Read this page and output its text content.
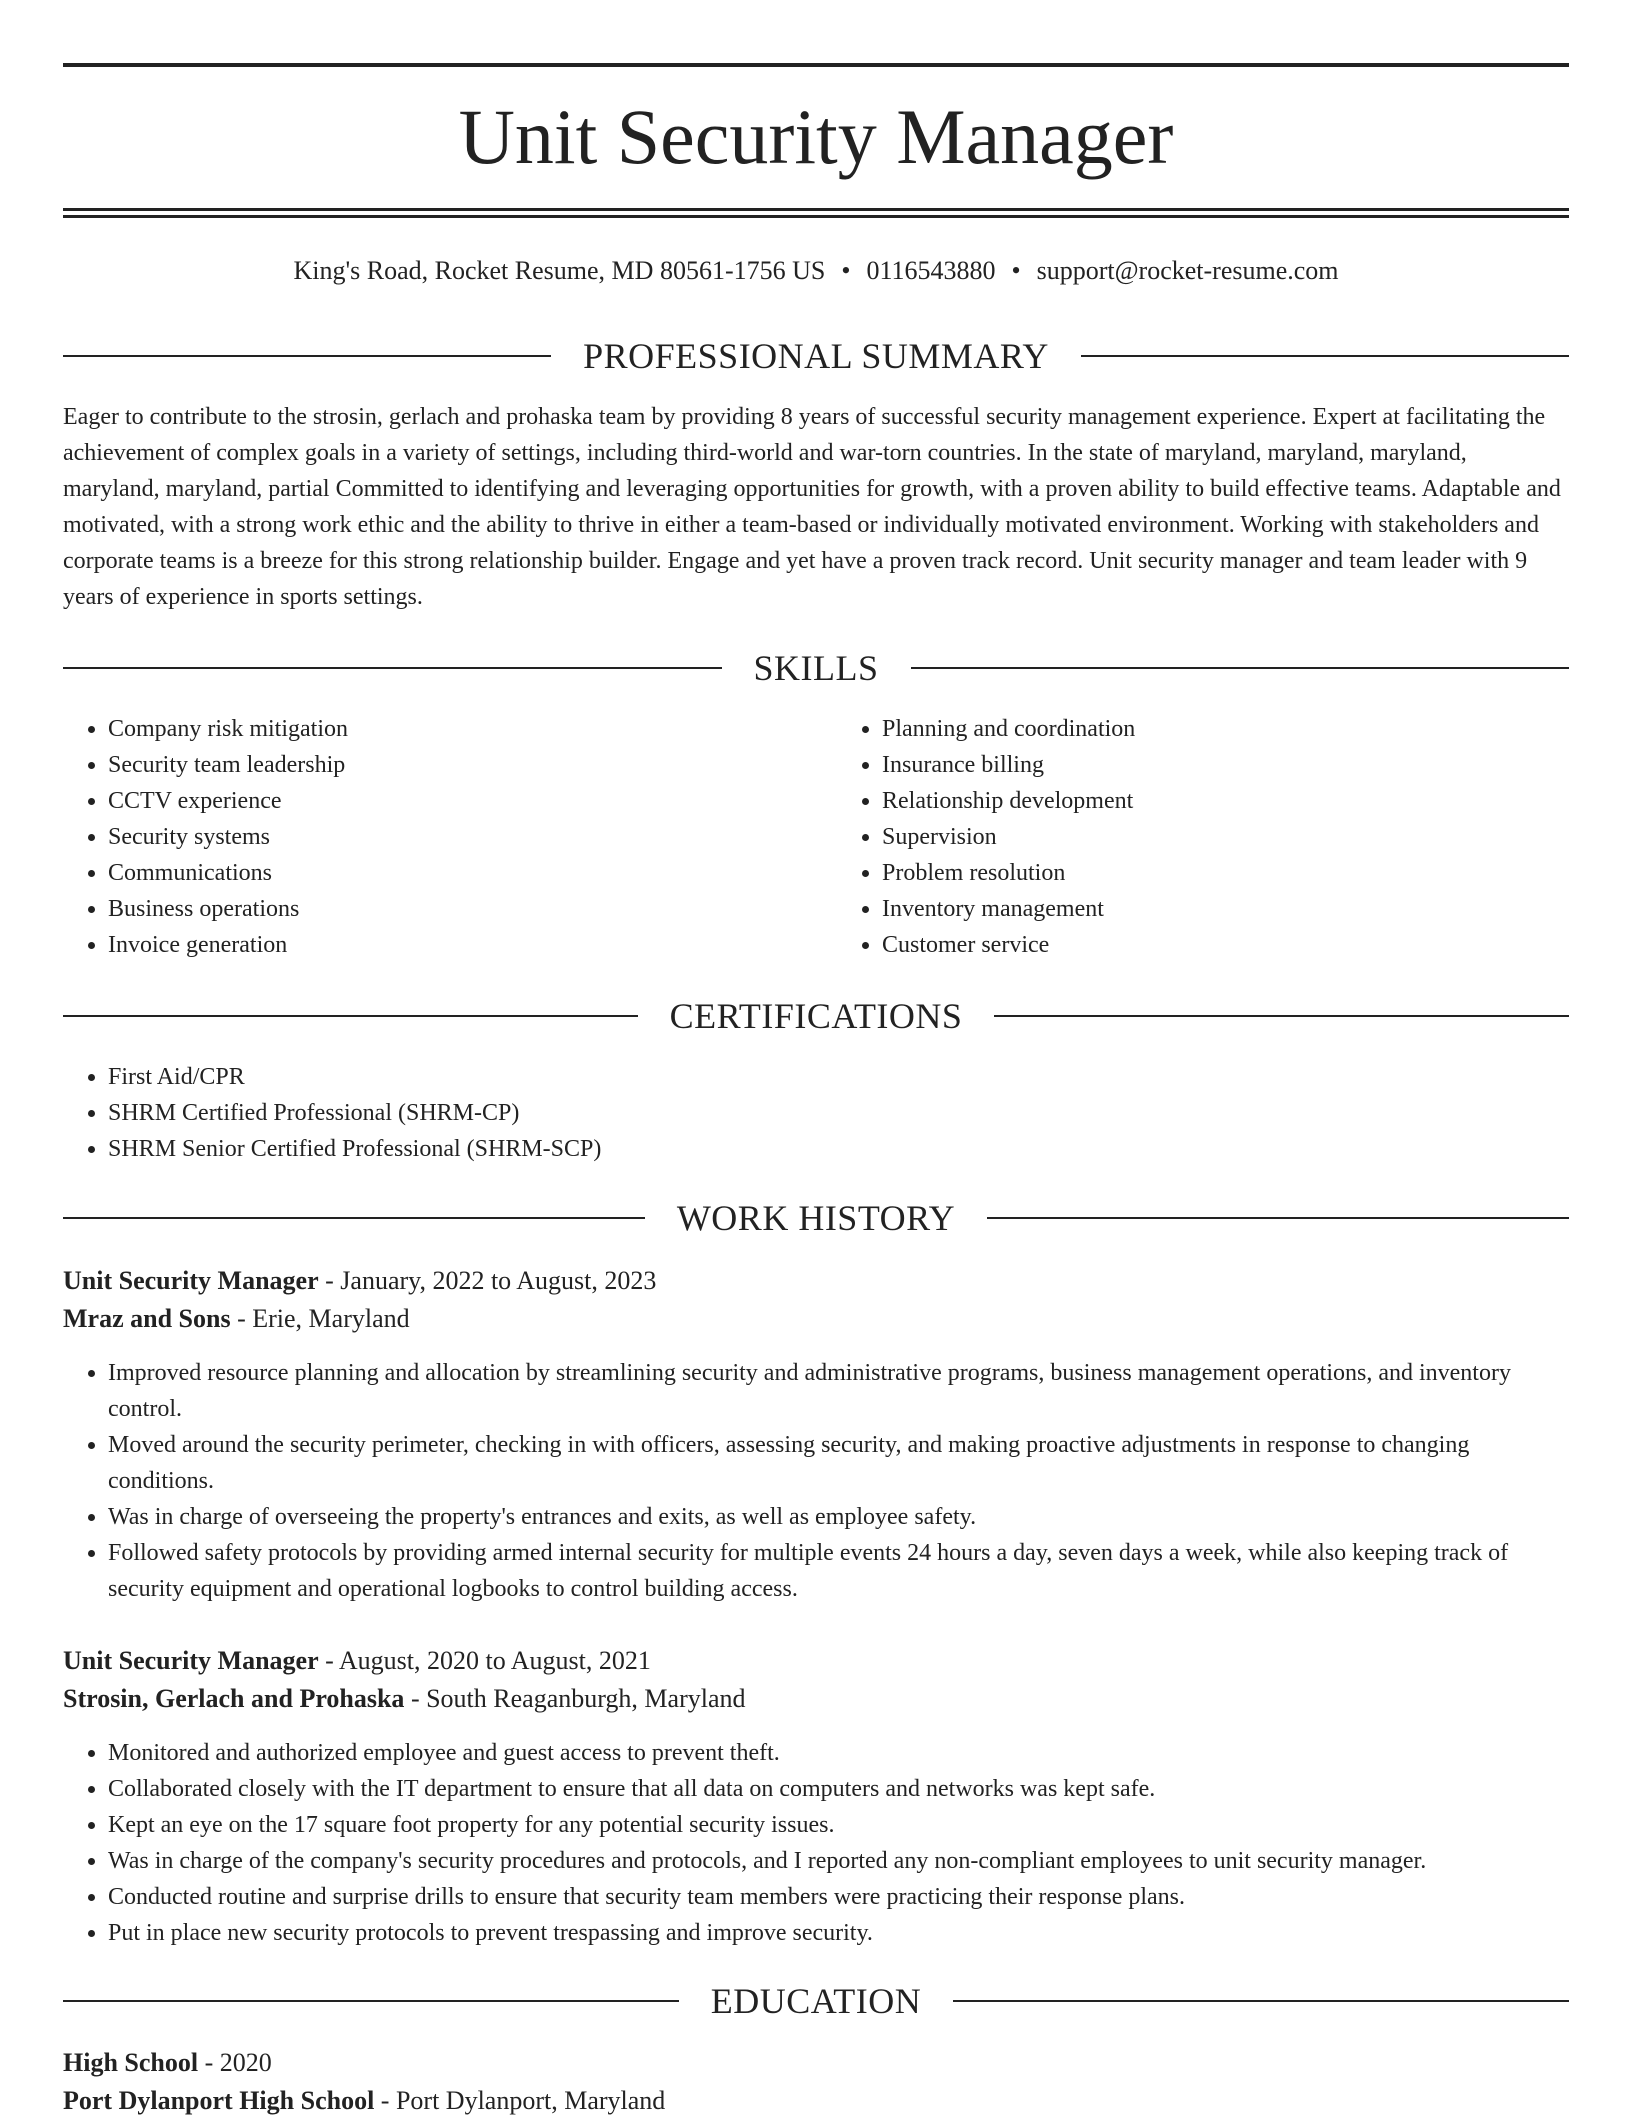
Unit Security Manager
King's Road, Rocket Resume, MD 80561-1756 US • 0116543880 • support@rocket-resume.com
PROFESSIONAL SUMMARY

Eager to contribute to the strosin, gerlach and prohaska team by providing 8 years of successful security management experience. Expert at facilitating the achievement of complex goals in a variety of settings, including third-world and war-torn countries. In the state of maryland, maryland, maryland, maryland, maryland, partial Committed to identifying and leveraging opportunities for growth, with a proven ability to build effective teams. Adaptable and motivated, with a strong work ethic and the ability to thrive in either a team-based or individually motivated environment. Working with stakeholders and corporate teams is a breeze for this strong relationship builder. Engage and yet have a proven track record. Unit security manager and team leader with 9 years of experience in sports settings.

SKILLS
• Company risk mitigation
• Security team leadership
• CCTV experience
• Security systems
• Communications
• Business operations
• Invoice generation
• Planning and coordination
• Insurance billing
• Relationship development
• Supervision
• Problem resolution
• Inventory management
• Customer service
CERTIFICATIONS
• First Aid/CPR
• SHRM Certified Professional (SHRM-CP)
• SHRM Senior Certified Professional (SHRM-SCP)
WORK HISTORY
Unit Security Manager - January, 2022 to August, 2023
Mraz and Sons - Erie, Maryland
• Improved resource planning and allocation by streamlining security and administrative programs, business management operations, and inventory control.
• Moved around the security perimeter, checking in with officers, assessing security, and making proactive adjustments in response to changing conditions.
• Was in charge of overseeing the property's entrances and exits, as well as employee safety.
• Followed safety protocols by providing armed internal security for multiple events 24 hours a day, seven days a week, while also keeping track of security equipment and operational logbooks to control building access.
Unit Security Manager - August, 2020 to August, 2021
Strosin, Gerlach and Prohaska - South Reaganburgh, Maryland
• Monitored and authorized employee and guest access to prevent theft.
• Collaborated closely with the IT department to ensure that all data on computers and networks was kept safe.
• Kept an eye on the 17 square foot property for any potential security issues.
• Was in charge of the company's security procedures and protocols, and I reported any non-compliant employees to unit security manager.
• Conducted routine and surprise drills to ensure that security team members were practicing their response plans.
• Put in place new security protocols to prevent trespassing and improve security.
EDUCATION
High School - 2020
Port Dylanport High School - Port Dylanport, Maryland
